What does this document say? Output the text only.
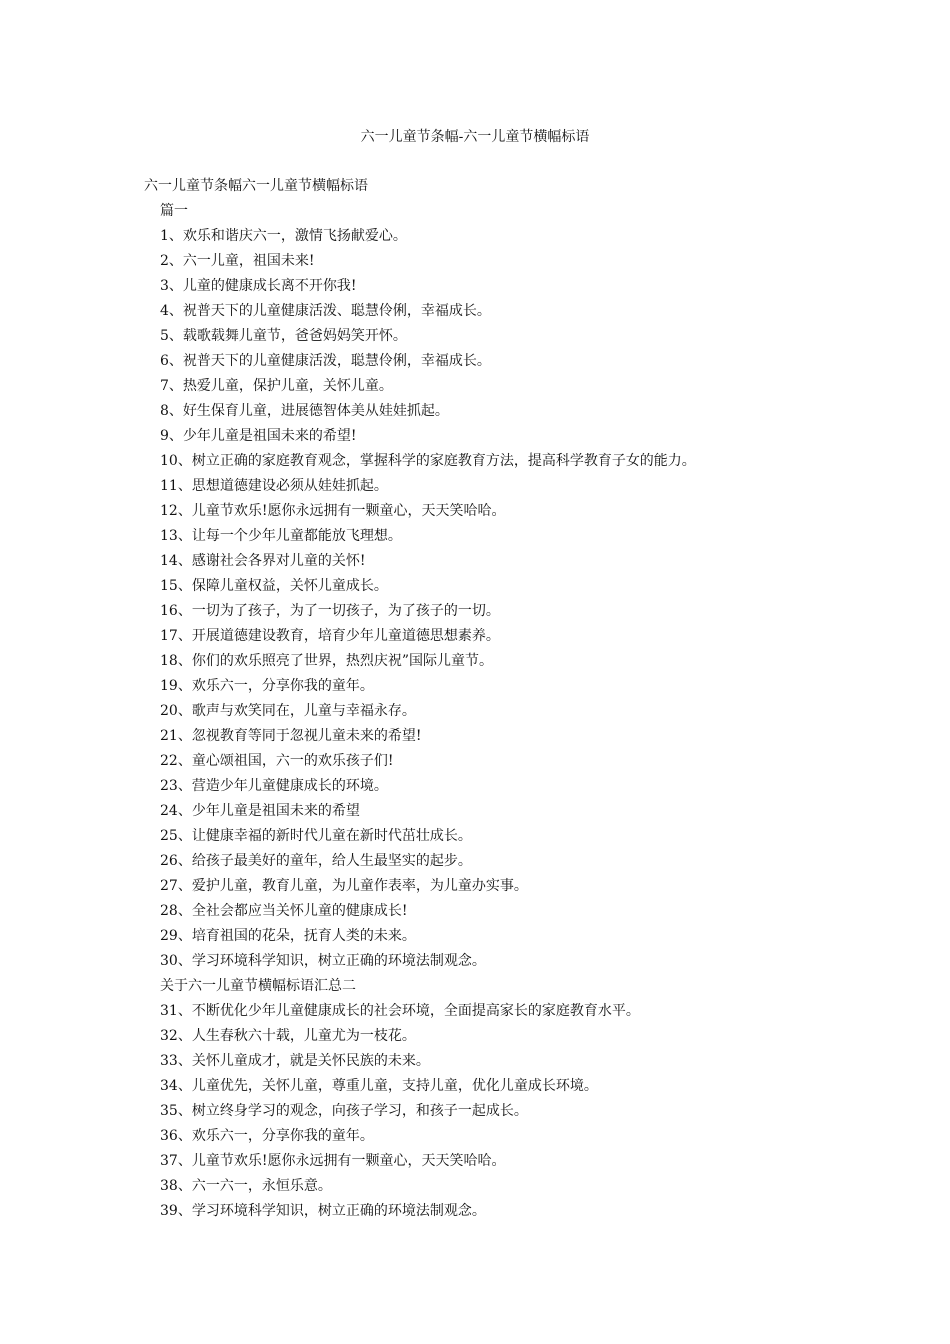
六一儿童节条幅-六一儿童节横幅标语
六一儿童节条幅六一儿童节横幅标语
篇一
1、欢乐和谐庆六一，激情飞扬献爱心。
2、六一儿童，祖国未来!
3、儿童的健康成长离不开你我!
4、祝普天下的儿童健康活泼、聪慧伶俐，幸福成长。
5、载歌载舞儿童节，爸爸妈妈笑开怀。
6、祝普天下的儿童健康活泼，聪慧伶俐，幸福成长。
7、热爱儿童，保护儿童，关怀儿童。
8、好生保育儿童，进展德智体美从娃娃抓起。
9、少年儿童是祖国未来的希望!
10、树立正确的家庭教育观念，掌握科学的家庭教育方法，提高科学教育子女的能力。
11、思想道德建设必须从娃娃抓起。
12、儿童节欢乐!愿你永远拥有一颗童心，天天笑哈哈。
13、让每一个少年儿童都能放飞理想。
14、感谢社会各界对儿童的关怀!
15、保障儿童权益，关怀儿童成长。
16、一切为了孩子，为了一切孩子，为了孩子的一切。
17、开展道德建设教育，培育少年儿童道德思想素养。
18、你们的欢乐照亮了世界，热烈庆祝”国际儿童节。
19、欢乐六一，分享你我的童年。
20、歌声与欢笑同在，儿童与幸福永存。
21、忽视教育等同于忽视儿童未来的希望!
22、童心颂祖国，六一的欢乐孩子们!
23、营造少年儿童健康成长的环境。
24、少年儿童是祖国未来的希望
25、让健康幸福的新时代儿童在新时代茁壮成长。
26、给孩子最美好的童年，给人生最坚实的起步。
27、爱护儿童，教育儿童，为儿童作表率，为儿童办实事。
28、全社会都应当关怀儿童的健康成长!
29、培育祖国的花朵，抚育人类的未来。
30、学习环境科学知识，树立正确的环境法制观念。
关于六一儿童节横幅标语汇总二
31、不断优化少年儿童健康成长的社会环境，全面提高家长的家庭教育水平。
32、人生春秋六十载，儿童尤为一枝花。
33、关怀儿童成才，就是关怀民族的未来。
34、儿童优先，关怀儿童，尊重儿童，支持儿童，优化儿童成长环境。
35、树立终身学习的观念，向孩子学习，和孩子一起成长。
36、欢乐六一，分享你我的童年。
37、儿童节欢乐!愿你永远拥有一颗童心，天天笑哈哈。
38、六一六一，永恒乐意。
39、学习环境科学知识，树立正确的环境法制观念。
